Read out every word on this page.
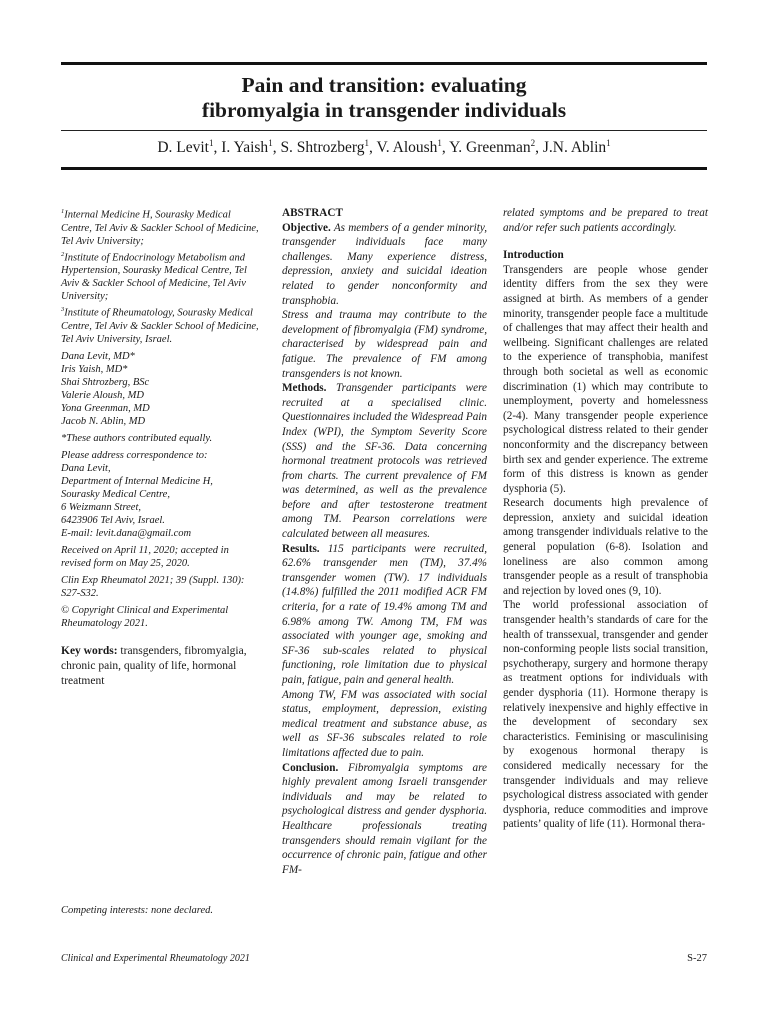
Pain and transition: evaluating
fibromyalgia in transgender individuals
D. Levit$^1$, I. Yaish$^1$, S. Shtrozberg$^1$, V. Aloush$^1$, Y. Greenman$^2$, J.N. Ablin$^1$

$^1$Internal Medicine H, Sourasky Medical Centre, Tel Aviv & Sackler School of Medicine, Tel Aviv University;

$^2$Institute of Endocrinology Metabolism and Hypertension, Sourasky Medical Centre, Tel Aviv & Sackler School of Medicine, Tel Aviv University;

$^3$Institute of Rheumatology, Sourasky Medical Centre, Tel Aviv & Sackler School of Medicine, Tel Aviv University, Israel.

Dana Levit, MD*
Iris Yaish, MD*
Shai Shtrozberg, BSc
Valerie Aloush, MD
Yona Greenman, MD
Jacob N. Ablin, MD

*These authors contributed equally.

Please address correspondence to:
Dana Levit,
Department of Internal Medicine H,
Sourasky Medical Centre,
6 Weizmann Street,
6423906 Tel Aviv, Israel.
E-mail: levit.dana@gmail.com

Received on April 11, 2020; accepted in revised form on May 25, 2020.

Clin Exp Rheumatol 2021; 39 (Suppl. 130): S27-S32.

© Copyright Clinical and Experimental Rheumatology 2021.

Key words: transgenders, fibromyalgia, chronic pain, quality of life, hormonal treatment

Competing interests: none declared.

ABSTRACT

Objective. As members of a gender minority, transgender individuals face many challenges. Many experience distress, depression, anxiety and suicidal ideation related to gender nonconformity and transphobia.

Stress and trauma may contribute to the development of fibromyalgia (FM) syndrome, characterised by widespread pain and fatigue. The prevalence of FM among transgenders is not known.

Methods. Transgender participants were recruited at a specialised clinic. Questionnaires included the Widespread Pain Index (WPI), the Symptom Severity Score (SSS) and the SF-36. Data concerning hormonal treatment protocols was retrieved from charts. The current prevalence of FM was determined, as well as the prevalence before and after testosterone treatment among TM. Pearson correlations were calculated between all measures.

Results. 115 participants were recruited, 62.6% transgender men (TM), 37.4% transgender women (TW). 17 individuals (14.8%) fulfilled the 2011 modified ACR FM criteria, for a rate of 19.4% among TM and 6.98% among TW. Among TM, FM was associated with younger age, smoking and SF-36 sub-scales related to physical functioning, role limitation due to physical pain, fatigue, pain and general health.

Among TW, FM was associated with social status, employment, depression, existing medical treatment and substance abuse, as well as SF-36 subscales related to role limitations affected due to pain.

Conclusion. Fibromyalgia symptoms are highly prevalent among Israeli transgender individuals and may be related to psychological distress and gender dysphoria. Healthcare professionals treating transgenders should remain vigilant for the occurrence of chronic pain, fatigue and other FM-

related symptoms and be prepared to treat and/or refer such patients accordingly.

Introduction

Transgenders are people whose gender identity differs from the sex they were assigned at birth. As members of a gender minority, transgender people face a multitude of challenges that may affect their health and wellbeing. Significant challenges are related to the experience of transphobia, manifest through both societal as well as economic discrimination (1) which may contribute to unemployment, poverty and homelessness (2-4). Many transgender people experience psychological distress related to their gender nonconformity and the discrepancy between birth sex and gender experience. The extreme form of this distress is known as gender dysphoria (5).

Research documents high prevalence of depression, anxiety and suicidal ideation among transgender individuals relative to the general population (6-8). Isolation and loneliness are also common among transgender people as a result of transphobia and rejection by loved ones (9, 10).

The world professional association of transgender health’s standards of care for the health of transsexual, transgender and gender non-conforming people lists social transition, psychotherapy, surgery and hormone therapy as treatment options for individuals with gender dysphoria (11). Hormone therapy is relatively inexpensive and highly effective in the development of secondary sex characteristics. Feminising or masculinising by exogenous hormonal therapy is considered medically necessary for the transgender individuals and may relieve psychological distress associated with gender dysphoria, reduce commodities and improve patients’ quality of life (11). Hormonal thera-

Clinical and Experimental Rheumatology 2021	S-27
